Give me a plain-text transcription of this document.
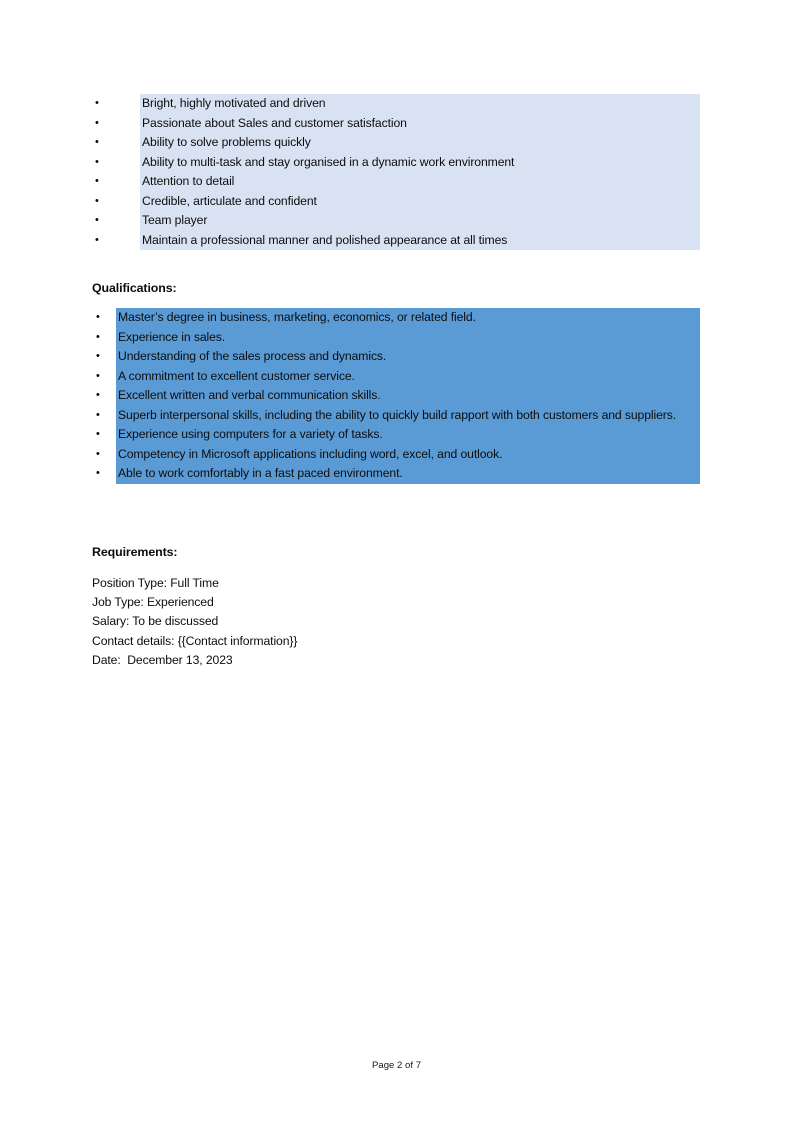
•	Bright, highly motivated and driven
•	Passionate about Sales and customer satisfaction
•	Ability to solve problems quickly
•	Ability to multi-task and stay organised in a dynamic work environment
•	Attention to detail
•	Credible, articulate and confident
•	Team player
•	Maintain a professional manner and polished appearance at all times
Qualifications:
• Master’s degree in business, marketing, economics, or related field.
• Experience in sales.
• Understanding of the sales process and dynamics.
• A commitment to excellent customer service.
• Excellent written and verbal communication skills.
• Superb interpersonal skills, including the ability to quickly build rapport with both customers and suppliers.
• Experience using computers for a variety of tasks.
• Competency in Microsoft applications including word, excel, and outlook.
• Able to work comfortably in a fast paced environment.
Requirements:
Position Type: Full Time
Job Type: Experienced
Salary: To be discussed
Contact details: {{Contact information}}
Date:  December 13, 2023
Page 2 of 7
